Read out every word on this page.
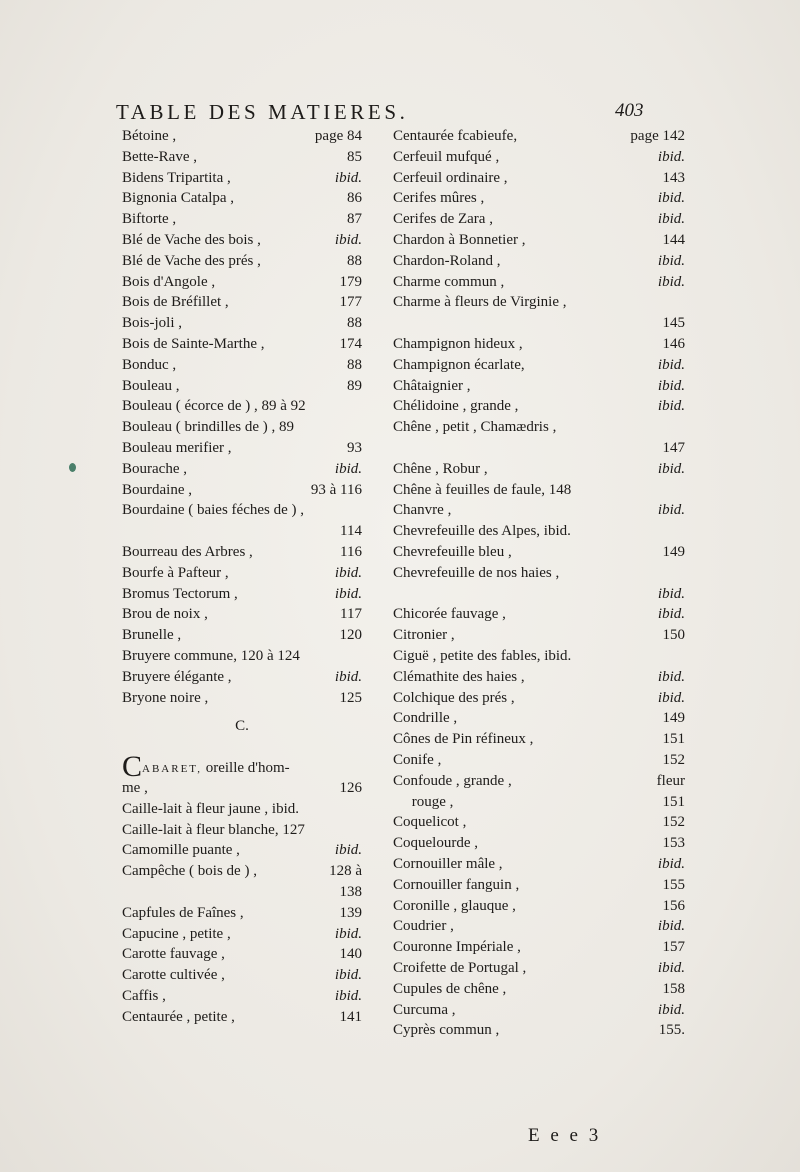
TABLE DES MATIERES.	403
Bétoine ,	page 84
Bette-Rave ,	85
Bidens Tripartita ,	ibid.
Bignonia Catalpa ,	86
Biftorte ,	87
Blé de Vache des bois ,	ibid.
Blé de Vache des prés ,	88
Bois d'Angole ,	179
Bois de Bréfillet ,	177
Bois-joli ,	88
Bois de Sainte-Marthe ,	174
Bonduc ,	88
Bouleau ,	89
Bouleau ( écorce de ) , 89 à 92
Bouleau ( brindilles de ) , 89
Bouleau merifier ,	93
Bourache ,	ibid.
Bourdaine ,	93 à 116
Bourdaine ( baies féches de ) ,
114
Bourreau des Arbres ,	116
Bourfe à Pafteur ,	ibid.
Bromus Tectorum ,	ibid.
Brou de noix ,	117
Brunelle ,	120
Bruyere commune, 120 à 124
Bruyere élégante ,	ibid.
Bryone noire ,	125
C.
CABARET, oreille d'hom-
me ,	126
Caille-lait à fleur jaune , ibid.
Caille-lait à fleur blanche, 127
Camomille puante ,	ibid.
Campêche ( bois de ) ,	128 à
138
Capfules de Faînes ,	139
Capucine , petite ,	ibid.
Carotte fauvage ,	140
Carotte cultivée ,	ibid.
Caffis ,	ibid.
Centaurée , petite ,	141
Centaurée fcabieufe,	page 142
Cerfeuil mufqué ,	ibid.
Cerfeuil ordinaire ,	143
Cerifes mûres ,	ibid.
Cerifes de Zara ,	ibid.
Chardon à Bonnetier ,	144
Chardon-Roland ,	ibid.
Charme commun ,	ibid.
Charme à fleurs de Virginie ,
145
Champignon hideux ,	146
Champignon écarlate,	ibid.
Châtaignier ,	ibid.
Chélidoine , grande ,	ibid.
Chêne , petit , Chamædris ,
147
Chêne , Robur ,	ibid.
Chêne à feuilles de faule, 148
Chanvre ,	ibid.
Chevrefeuille des Alpes, ibid.
Chevrefeuille bleu ,	149
Chevrefeuille de nos haies ,
ibid.
Chicorée fauvage ,	ibid.
Citronier ,	150
Ciguë , petite des fables, ibid.
Clémathite des haies ,	ibid.
Colchique des prés ,	ibid.
Condrille ,	149
Cônes de Pin réfineux ,	151
Conife ,	152
Confoude , grande ,	fleur
rouge ,	151
Coquelicot ,	152
Coquelourde ,	153
Cornouiller mâle ,	ibid.
Cornouiller fanguin ,	155
Coronille , glauque ,	156
Coudrier ,	ibid.
Couronne Impériale ,	157
Croifette de Portugal ,	ibid.
Cupules de chêne ,	158
Curcuma ,	ibid.
Cyprès commun ,	155.
E e e 3
